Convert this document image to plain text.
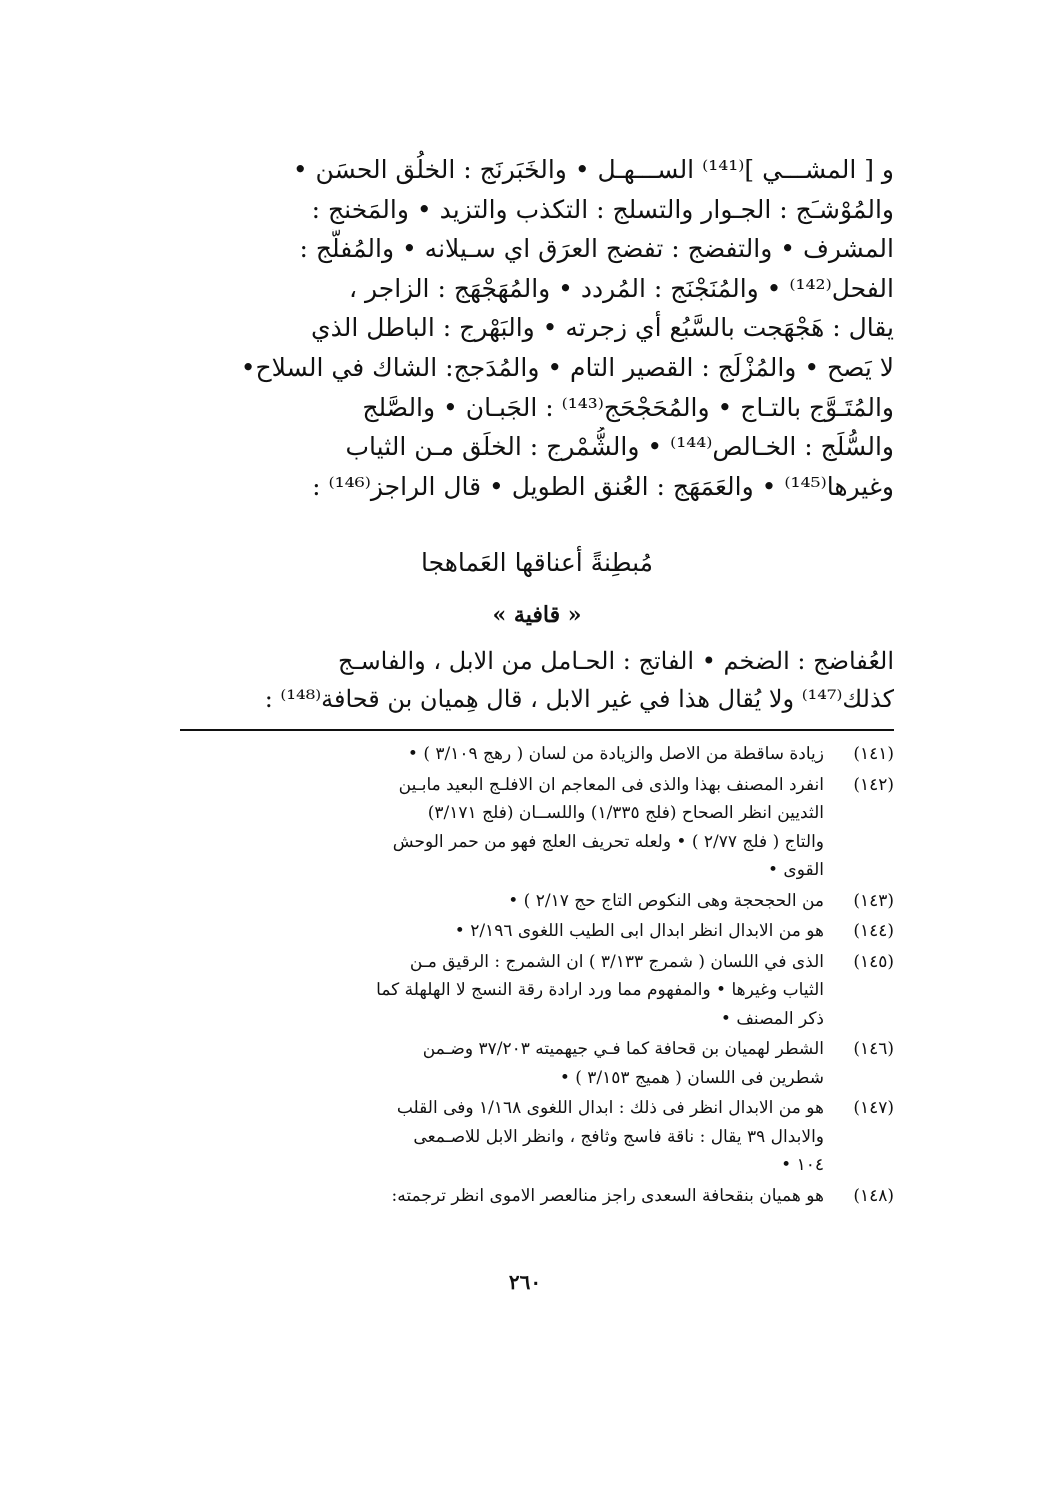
و [ المشـــي ]⁽¹⁴¹⁾ الســـهـل • والخَبَرنَج : الخلُق الحسَن •
والمُوْشـَج : الجـوار والتسلج : التكذب والتزيد • والمَخنج :
المشرف • والتفضج : تفضج العرَق اي سـيلانه • والمُفلَّج :
الفحل⁽¹⁴²⁾ • والمُنَجْنَج : المُردد • والمُهَجْهَج : الزاجر ،
يقال : هَجْهَجت بالسَّبُع أي زجرته • والبَهْرج : الباطل الذي
لا يَصح • والمُزْلَج : القصير التام • والمُدَجج: الشاك في السلاح•
والمُتَـوَّج بالتـاج • والمُحَجْحَج⁽¹⁴³⁾ : الجَبـان • والصَّلج
والسُّلَج : الخـالص⁽¹⁴⁴⁾ • والشُّمْرج : الخلَق مـن الثياب
وغيرها⁽¹⁴⁵⁾ • والعَمَهَج : العُنق الطويل • قال الراجز⁽¹⁴⁶⁾ :
مُبطِنةً أعناقها العَماهجا
« قافية »
العُفاضج : الضخم • الفاتج : الحـامل من الابل ، والفاسـج
كذلك⁽¹⁴⁷⁾ ولا يُقال هذا في غير الابل ، قال هِميان بن قحافة⁽¹⁴⁸⁾ :
(١٤١)
زيادة ساقطة من الاصل والزيادة من لسان ( رهج ٣/١٠٩ ) •
(١٤٢)
انفرد المصنف بهذا والذى فى المعاجم ان الافلـج البعيد مابـين
الثديين انظر الصحاح (فلج ١/٣٣٥) واللســان (فلج ٣/١٧١)
والتاج ( فلج ٢/٧٧ ) • ولعله تحريف العلج فهو من حمر الوحش
القوى •
(١٤٣)
من الحجحجة وهى النكوص التاج حج ٢/١٧ ) •
(١٤٤)
هو من الابدال انظر ابدال ابى الطيب اللغوى ٢/١٩٦ •
(١٤٥)
الذى في اللسان ( شمرج ٣/١٣٣ ) ان الشمرج : الرقيق مـن
الثياب وغيرها • والمفهوم مما ورد ارادة رقة النسج لا الهلهلة كما
ذكر المصنف •
(١٤٦)
الشطر لهميان بن قحافة كما فـي جيهميته ٣٧/٢٠٣ وضـمن
شطرين فى اللسان ( هميج ٣/١٥٣ ) •
(١٤٧)
هو من الابدال انظر فى ذلك : ابدال اللغوى ١/١٦٨ وفى القلب
والابدال ٣٩ يقال : ناقة فاسج وثافج ، وانظر الابل للاصـمعى
١٠٤ •
(١٤٨)
هو هميان بنقحافة السعدى راجز منالعصر الاموى انظر ترجمته:
٢٦٠
